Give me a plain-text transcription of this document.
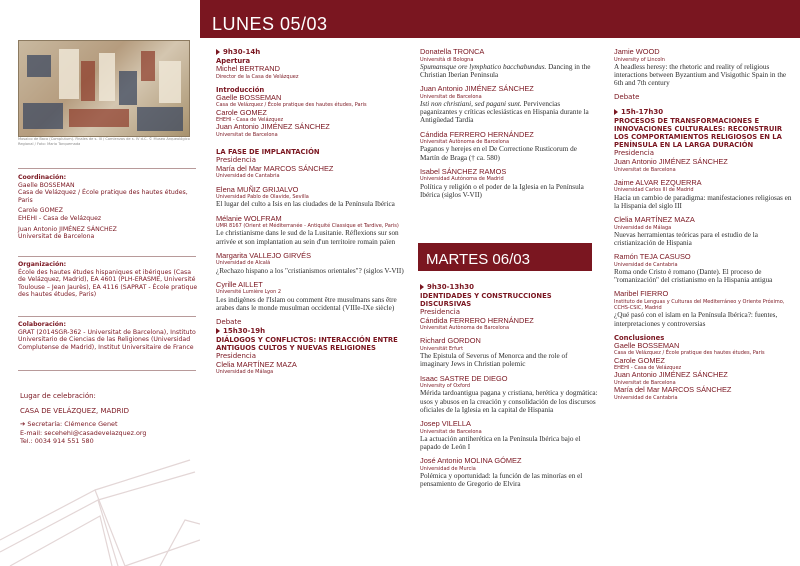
Mosaico de Baco (Complutum). Finales de s. III / Comienzos de s. IV d.C. © Museo Arqueológico Regional / Foto: Mario Torquemada
Coordinación:
Gaelle BOSSEMAN
Casa de Velázquez / École pratique des hautes études, Paris
Carole GOMEZ
EHEHI - Casa de Velázquez
Juan Antonio JIMÉNEZ SÁNCHEZ
Universitat de Barcelona
Organización:
École des hautes études hispaniques et ibériques (Casa de Velázquez, Madrid), EA 4601 (PLH-ERASME, Université Toulouse – Jean Jaurès), EA 4116 (SAPRAT - École pratique des hautes études, Paris)
Colaboración:
GRAT (2014SGR-362 - Universitat de Barcelona), Instituto Universitario de Ciencias de las Religiones (Universidad Complutense de Madrid), Institut Universitaire de France
Lugar de celebración:
CASA DE VELÁZQUEZ, MADRID
➔ Secretaría: Clémence Genet
E-mail: secehehi@casadevelazquez.org
Tel.: 0034 914 551 580
LUNES 05/03
9h30-14h
Apertura
Michel BERTRAND
Director de la Casa de Velázquez
Introducción
Gaelle BOSSEMAN
Casa de Velázquez / École pratique des hautes études, Paris
Carole GOMEZ
EHEHI - Casa de Velázquez
Juan Antonio JIMÉNEZ SÁNCHEZ
Universitat de Barcelona
LA FASE DE IMPLANTACIÓN
Presidencia
María del Mar MARCOS SÁNCHEZ
Universidad de Cantabria
Elena MUÑIZ GRIJALVO
Universidad Pablo de Olavide, Sevilla
El lugar del culto a Isis en las ciudades de la Península Ibérica
Mélanie WOLFRAM
UMR 8167 (Orient et Méditerranée - Antiquité Classique et Tardive, Paris)
Le christianisme dans le sud de la Lusitanie. Réflexions sur son arrivée et son implantation au sein d'un territoire romain païen
Margarita VALLEJO GIRVÉS
Universidad de Alcalá
¿Rechazo hispano a los "cristianismos orientales"? (siglos V-VII)
Cyrille AILLET
Université Lumière Lyon 2
Les indigènes de l'Islam ou comment être musulmans sans être arabes dans le monde musulman occidental (VIIIe-IXe siècle)
Debate
15h30-19h
DIÁLOGOS Y CONFLICTOS: INTERACCIÓN ENTRE ANTIGUOS CULTOS Y NUEVAS RELIGIONES
Presidencia
Clelia MARTÍNEZ MAZA
Universidad de Málaga
Donatella TRONCA
Università di Bologna
Spumansque ore lymphatico bacchabundus. Dancing in the Christian Iberian Peninsula
Juan Antonio JIMÉNEZ SÁNCHEZ
Universitat de Barcelona
Isti non christiani, sed pagani sunt. Pervivencias paganizantes y críticas eclesiásticas en Hispania durante la Antigüedad Tardía
Cándida FERRERO HERNÁNDEZ
Universitat Autònoma de Barcelona
Paganos y herejes en el De Correctione Rusticorum de Martín de Braga († ca. 580)
Isabel SÁNCHEZ RAMOS
Universidad Autónoma de Madrid
Política y religión o el poder de la Iglesia en la Península Ibérica (siglos V-VII)
MARTES 06/03
9h30-13h30
IDENTIDADES Y CONSTRUCCIONES DISCURSIVAS
Presidencia
Cándida FERRERO HERNÁNDEZ
Universitat Autònoma de Barcelona
Richard GORDON
Universität Erfurt
The Epistula of Severus of Menorca and the role of imaginary Jews in Christian polemic
Isaac SASTRE DE DIEGO
University of Oxford
Mérida tardoantigua pagana y cristiana, herética y dogmática: usos y abusos en la creación y consolidación de los discursos oficiales de la Iglesia en la capital de Hispania
Josep VILELLA
Universitat de Barcelona
La actuación antiherética en la Península Ibérica bajo el papado de León I
José Antonio MOLINA GÓMEZ
Universidad de Murcia
Polémica y oportunidad: la función de las minorías en el pensamiento de Gregorio de Elvira
Jamie WOOD
University of Lincoln
A headless heresy: the rhetoric and reality of religious interactions between Byzantium and Visigothic Spain in the 6th and 7th century
Debate
15h-17h30
PROCESOS DE TRANSFORMACIONES E INNOVACIONES CULTURALES: RECONSTRUIR LOS COMPORTAMIENTOS RELIGIOSOS EN LA PENÍNSULA EN LA LARGA DURACIÓN
Presidencia
Juan Antonio JIMÉNEZ SÁNCHEZ
Universitat de Barcelona
Jaime ALVAR EZQUERRA
Universidad Carlos III de Madrid
Hacia un cambio de paradigma: manifestaciones religiosas en la Hispania del siglo III
Clelia MARTÍNEZ MAZA
Universidad de Málaga
Nuevas herramientas teóricas para el estudio de la cristianización de Hispania
Ramón TEJA CASUSO
Universidad de Cantabria
Roma onde Cristo è romano (Dante). El proceso de "romanización" del cristianismo en la Hispania antigua
Maribel FIERRO
Instituto de Lenguas y Culturas del Mediterráneo y Oriente Próximo, CCHS-CSIC, Madrid
¿Qué pasó con el islam en la Península Ibérica?: fuentes, interpretaciones y controversias
Conclusiones
Gaelle BOSSEMAN
Casa de Velázquez / École pratique des hautes études, Paris
Carole GOMEZ
EHEHI - Casa de Velázquez
Juan Antonio JIMÉNEZ SÁNCHEZ
Universitat de Barcelona
María del Mar MARCOS SÁNCHEZ
Universidad de Cantabria
